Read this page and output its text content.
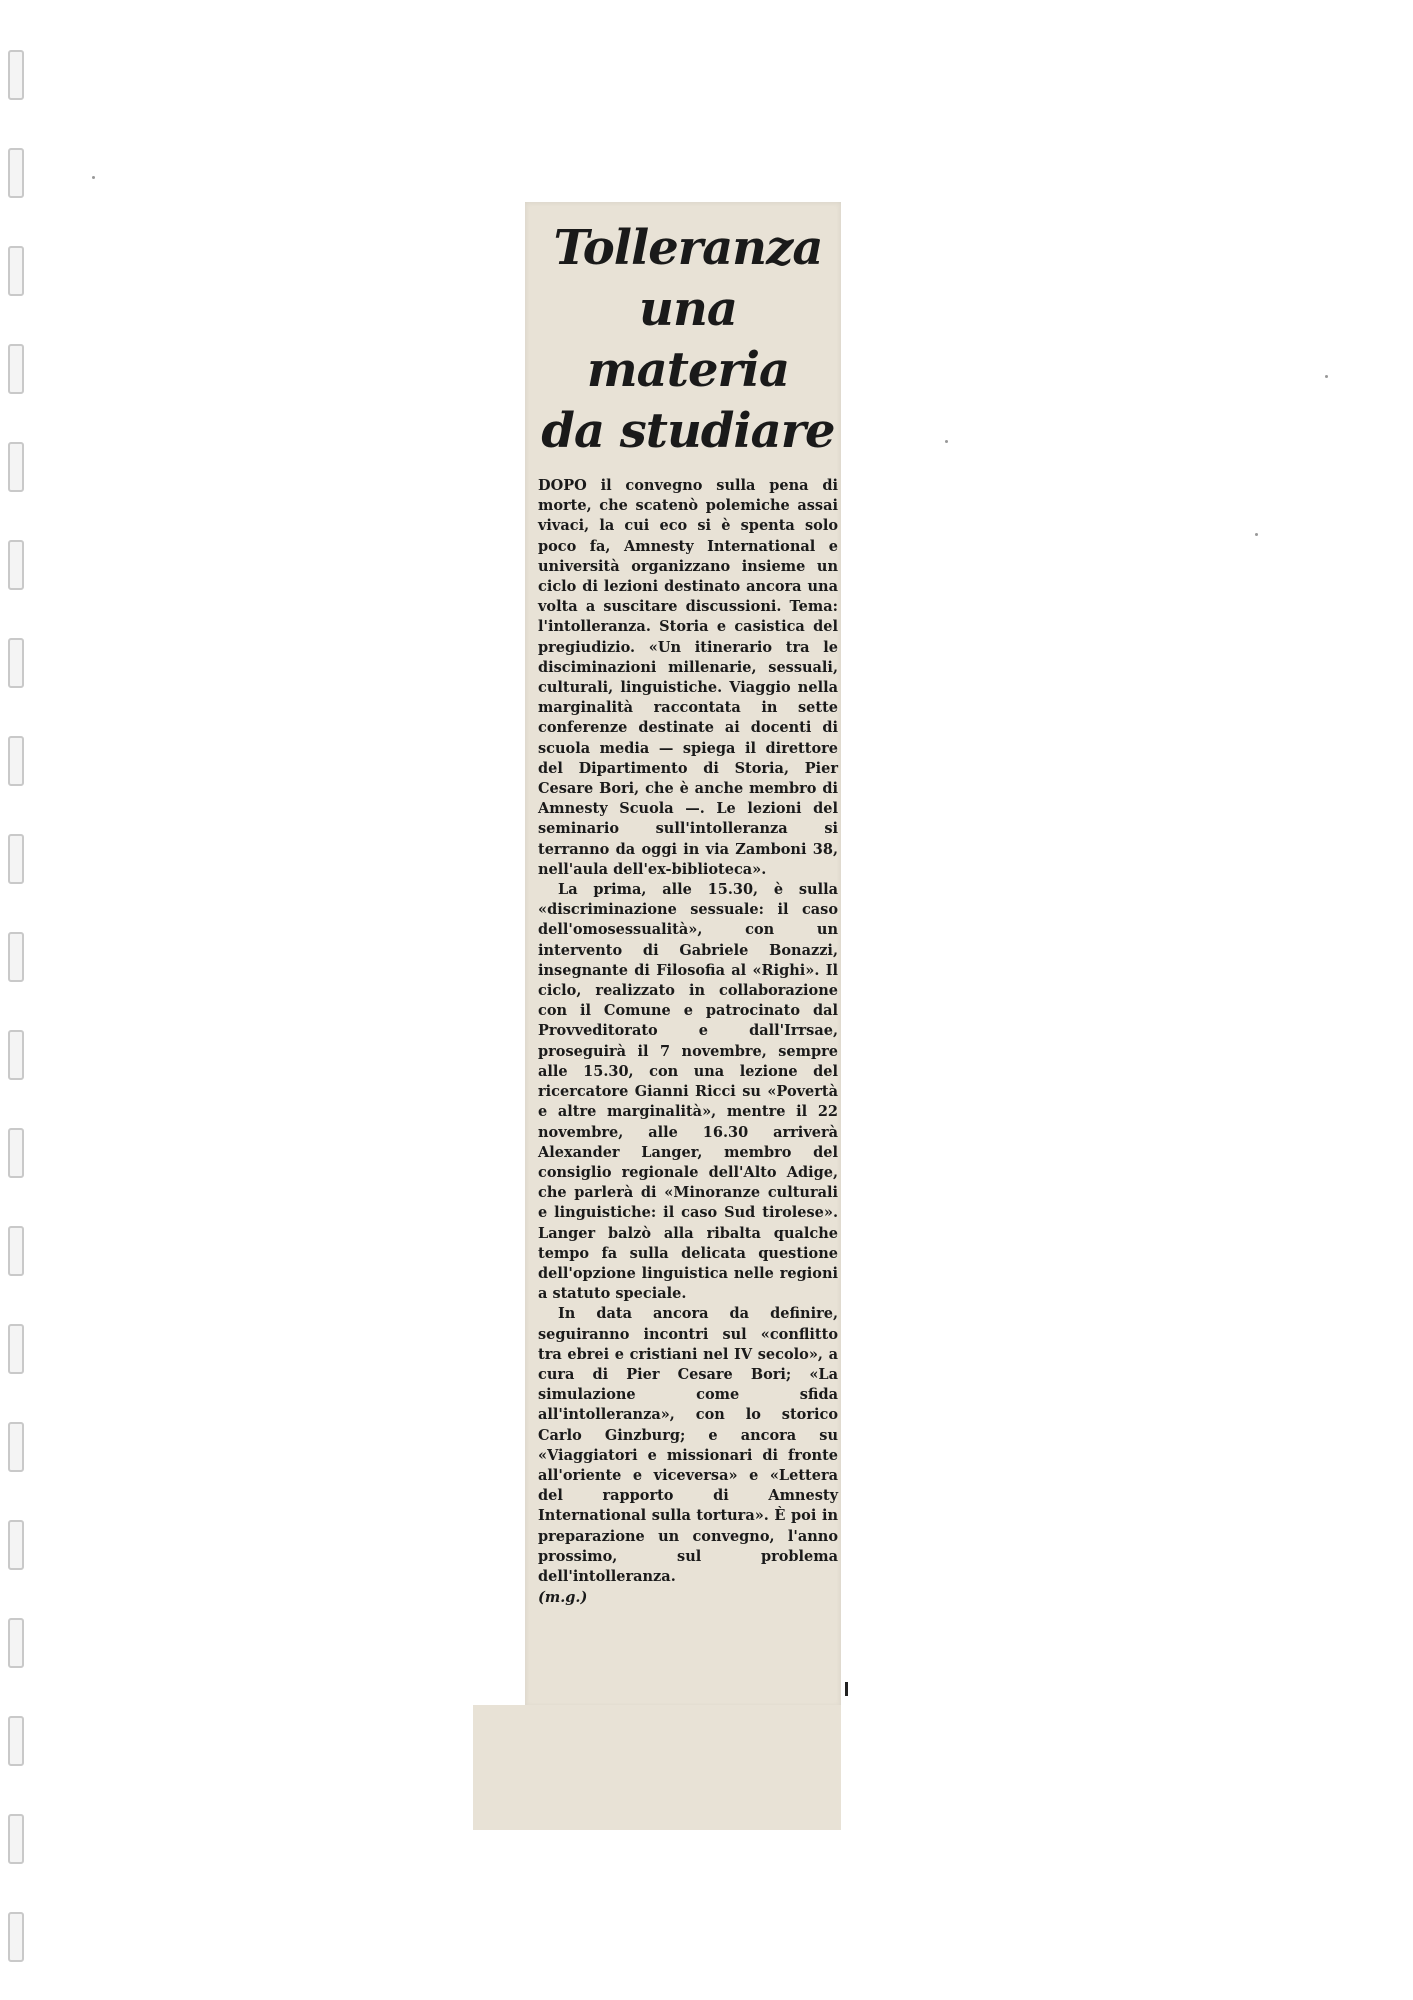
Tolleranza
una materia
da studiare

DOPO il convegno sulla pena di morte, che scatenò polemiche assai vivaci, la cui eco si è spenta solo poco fa, Amnesty International e università organizzano insieme un ciclo di lezioni destinato ancora una volta a suscitare discussioni. Tema: l'intolleranza. Storia e casistica del pregiudizio. «Un itinerario tra le disciminazioni millenarie, sessuali, culturali, linguistiche. Viaggio nella marginalità raccontata in sette conferenze destinate ai docenti di scuola media — spiega il direttore del Dipartimento di Storia, Pier Cesare Bori, che è anche membro di Amnesty Scuola —. Le lezioni del seminario sull'intolleranza si terranno da oggi in via Zamboni 38, nell'aula dell'ex-biblioteca».

La prima, alle 15.30, è sulla «discriminazione sessuale: il caso dell'omosessualità», con un intervento di Gabriele Bonazzi, insegnante di Filosofia al «Righi». Il ciclo, realizzato in collaborazione con il Comune e patrocinato dal Provveditorato e dall'Irrsae, proseguirà il 7 novembre, sempre alle 15.30, con una lezione del ricercatore Gianni Ricci su «Povertà e altre marginalità», mentre il 22 novembre, alle 16.30 arriverà Alexander Langer, membro del consiglio regionale dell'Alto Adige, che parlerà di «Minoranze culturali e linguistiche: il caso Sud tirolese». Langer balzò alla ribalta qualche tempo fa sulla delicata questione dell'opzione linguistica nelle regioni a statuto speciale.

In data ancora da definire, seguiranno incontri sul «conflitto tra ebrei e cristiani nel IV secolo», a cura di Pier Cesare Bori; «La simulazione come sfida all'intolleranza», con lo storico Carlo Ginzburg; e ancora su «Viaggiatori e missionari di fronte all'oriente e viceversa» e «Lettera del rapporto di Amnesty International sulla tortura». È poi in preparazione un convegno, l'anno prossimo, sul problema dell'intolleranza.

(m.g.)
